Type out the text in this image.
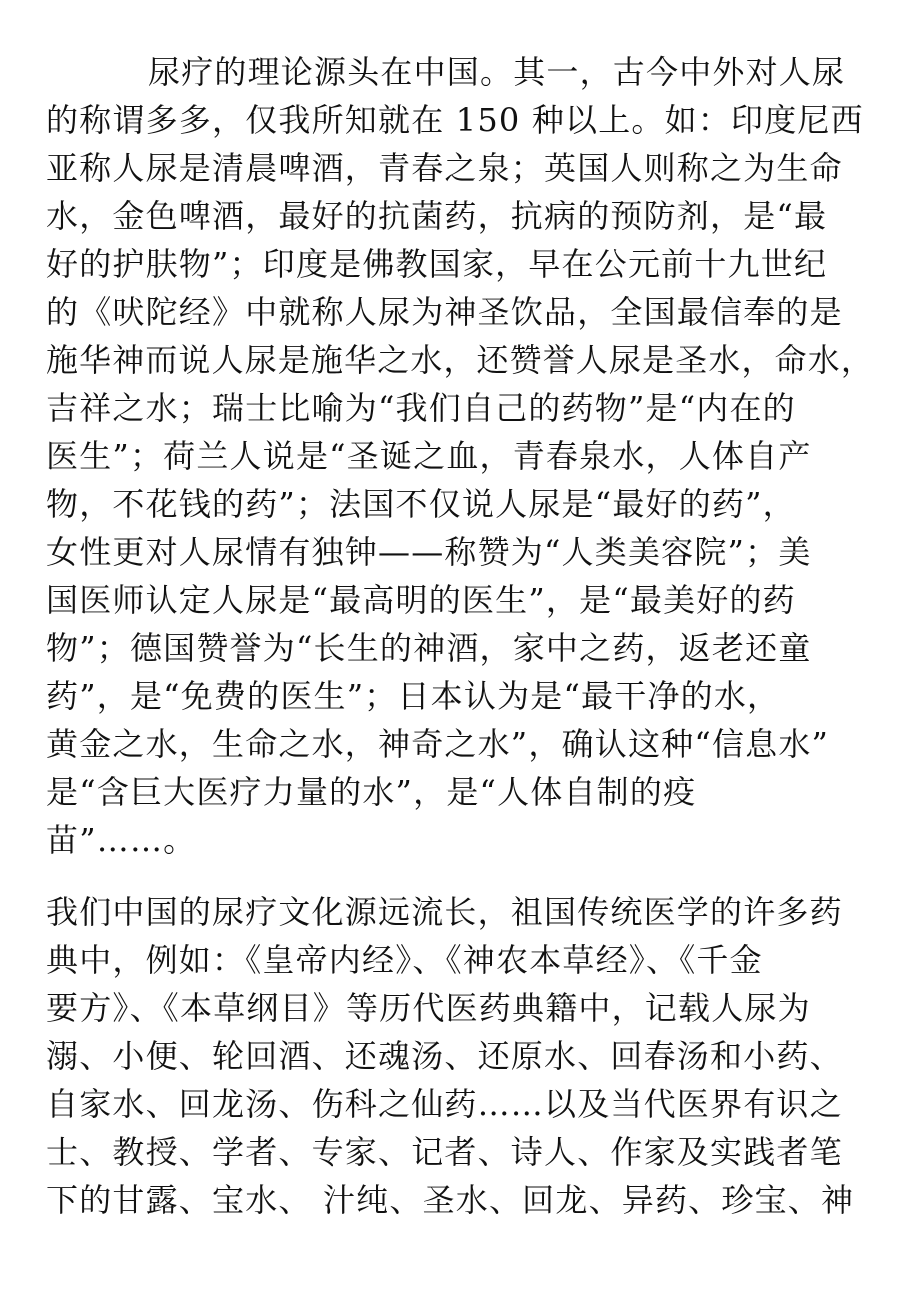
尿疗的理论源头在中国。其一，古今中外对人尿
的称谓多多，仅我所知就在 150 种以上。如：印度尼西
亚称人尿是清晨啤酒，青春之泉；英国人则称之为生命
水，金色啤酒，最好的抗菌药，抗病的预防剂，是“最
好的护肤物”；印度是佛教国家，早在公元前十九世纪
的《吠陀经》中就称人尿为神圣饮品，全国最信奉的是
施华神而说人尿是施华之水，还赞誉人尿是圣水，命水，
吉祥之水；瑞士比喻为“我们自己的药物”是“内在的
医生”；荷兰人说是“圣诞之血，青春泉水，人体自产
物，不花钱的药”；法国不仅说人尿是“最好的药”，
女性更对人尿情有独钟——称赞为“人类美容院”；美
国医师认定人尿是“最高明的医生”，是“最美好的药
物”；德国赞誉为“长生的神酒，家中之药，返老还童
药”，是“免费的医生”；日本认为是“最干净的水，
黄金之水，生命之水，神奇之水”，确认这种“信息水”
是“含巨大医疗力量的水”，是“人体自制的疫
苗”……。
我们中国的尿疗文化源远流长，祖国传统医学的许多药
典中，例如：《皇帝内经》、《神农本草经》、《千金
要方》、《本草纲目》等历代医药典籍中，记载人尿为
溺、小便、轮回酒、还魂汤、还原水、回春汤和小药、
自家水、回龙汤、伤科之仙药……以及当代医界有识之
士、教授、学者、专家、记者、诗人、作家及实践者笔
下的甘露、宝水、 汁纯、圣水、回龙、异药、珍宝、神
